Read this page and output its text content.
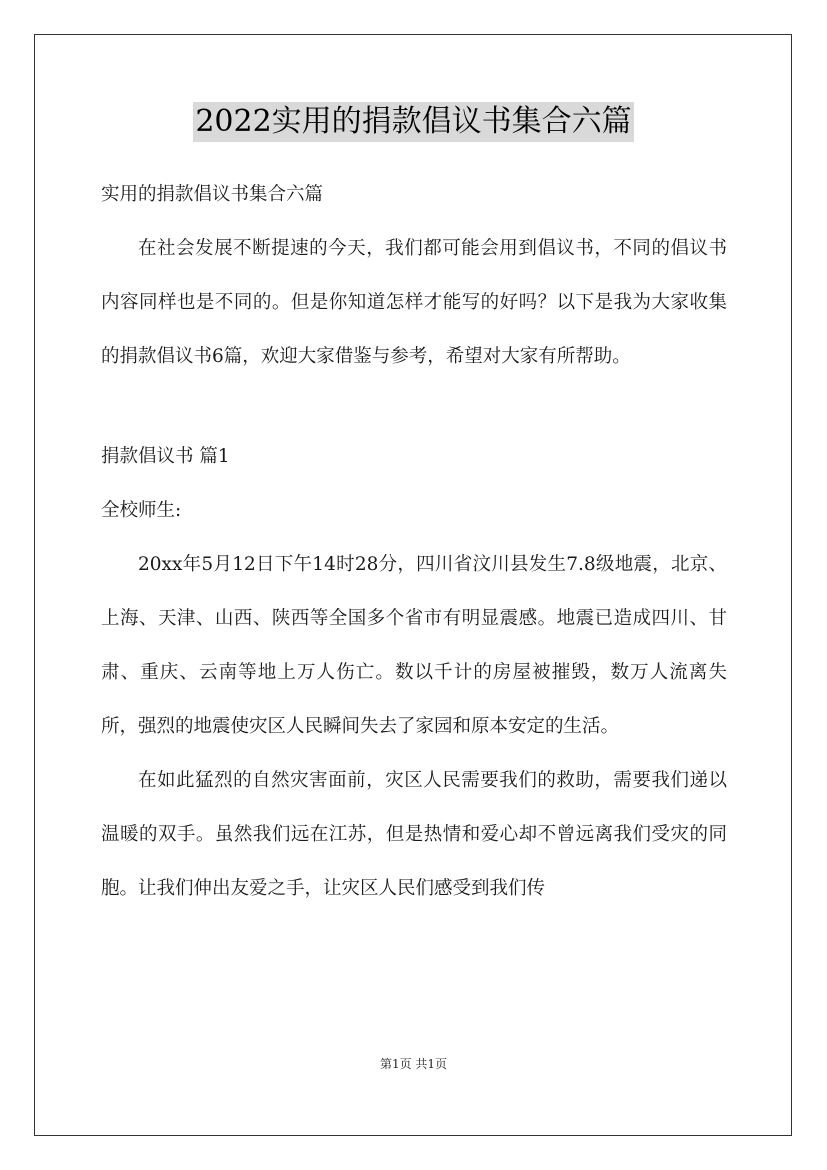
2022实用的捐款倡议书集合六篇

实用的捐款倡议书集合六篇

在社会发展不断提速的今天，我们都可能会用到倡议书，不同的倡议书内容同样也是不同的。但是你知道怎样才能写的好吗？以下是我为大家收集的捐款倡议书6篇，欢迎大家借鉴与参考，希望对大家有所帮助。

捐款倡议书 篇1

全校师生:

20xx年5月12日下午14时28分，四川省汶川县发生7.8级地震，北京、上海、天津、山西、陕西等全国多个省市有明显震感。地震已造成四川、甘肃、重庆、云南等地上万人伤亡。数以千计的房屋被摧毁，数万人流离失所，强烈的地震使灾区人民瞬间失去了家园和原本安定的生活。

在如此猛烈的自然灾害面前，灾区人民需要我们的救助，需要我们递以温暖的双手。虽然我们远在江苏，但是热情和爱心却不曾远离我们受灾的同胞。让我们伸出友爱之手，让灾区人民们感受到我们传

第1页 共1页
